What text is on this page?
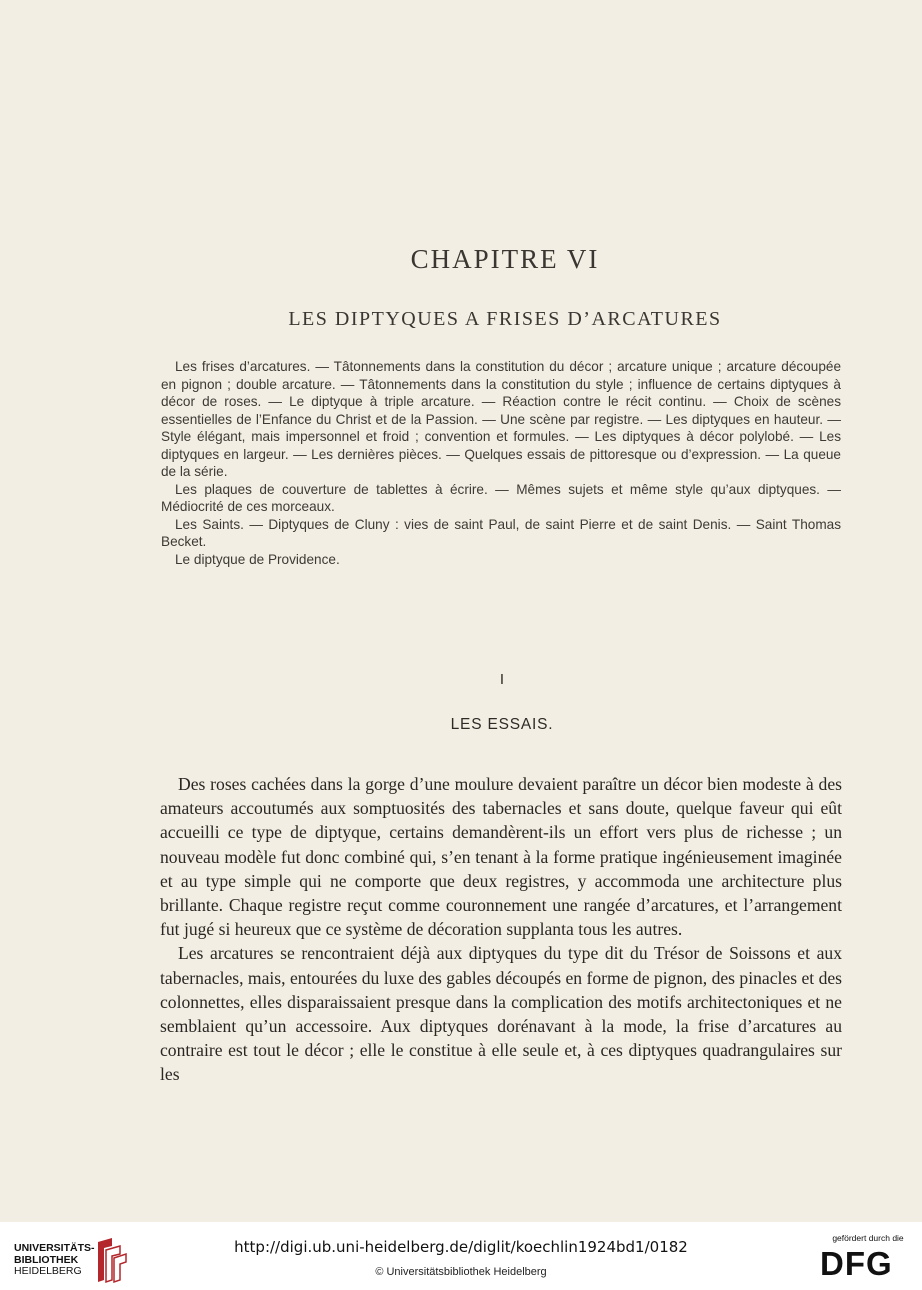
CHAPITRE VI
LES DIPTYQUES A FRISES D’ARCATURES

Les frises d’arcatures. — Tâtonnements dans la constitution du décor ; arcature unique ; arcature découpée en pignon ; double arcature. — Tâtonnements dans la constitution du style ; influence de certains diptyques à décor de roses. — Le diptyque à triple arcature. — Réaction contre le récit continu. — Choix de scènes essentielles de l’Enfance du Christ et de la Passion. — Une scène par registre. — Les diptyques en hauteur. — Style élégant, mais impersonnel et froid ; convention et formules. — Les diptyques à décor polylobé. — Les diptyques en largeur. — Les dernières pièces. — Quelques essais de pittoresque ou d’expression. — La queue de la série.

Les plaques de couverture de tablettes à écrire. — Mêmes sujets et même style qu’aux diptyques. — Médiocrité de ces morceaux.

Les Saints. — Diptyques de Cluny : vies de saint Paul, de saint Pierre et de saint Denis. — Saint Thomas Becket.

Le diptyque de Providence.

I
LES ESSAIS.

Des roses cachées dans la gorge d’une moulure devaient paraître un décor bien modeste à des amateurs accoutumés aux somptuosités des tabernacles et sans doute, quelque faveur qui eût accueilli ce type de diptyque, certains demandèrent-ils un effort vers plus de richesse ; un nouveau modèle fut donc combiné qui, s’en tenant à la forme pratique ingénieusement imaginée et au type simple qui ne comporte que deux registres, y accommoda une architecture plus brillante. Chaque registre reçut comme couronnement une rangée d’arcatures, et l’arrangement fut jugé si heureux que ce système de décoration supplanta tous les autres.

Les arcatures se rencontraient déjà aux diptyques du type dit du Trésor de Soissons et aux tabernacles, mais, entourées du luxe des gables découpés en forme de pignon, des pinacles et des colonnettes, elles disparaissaient presque dans la complication des motifs architectoniques et ne semblaient qu’un accessoire. Aux diptyques dorénavant à la mode, la frise d’arcatures au contraire est tout le décor ; elle le constitue à elle seule et, à ces diptyques quadrangulaires sur les

UNIVERSITÄTS-
BIBLIOTHEK
HEIDELBERG
http://digi.ub.uni-heidelberg.de/diglit/koechlin1924bd1/0182
© Universitätsbibliothek Heidelberg
gefördert durch die
DFG
